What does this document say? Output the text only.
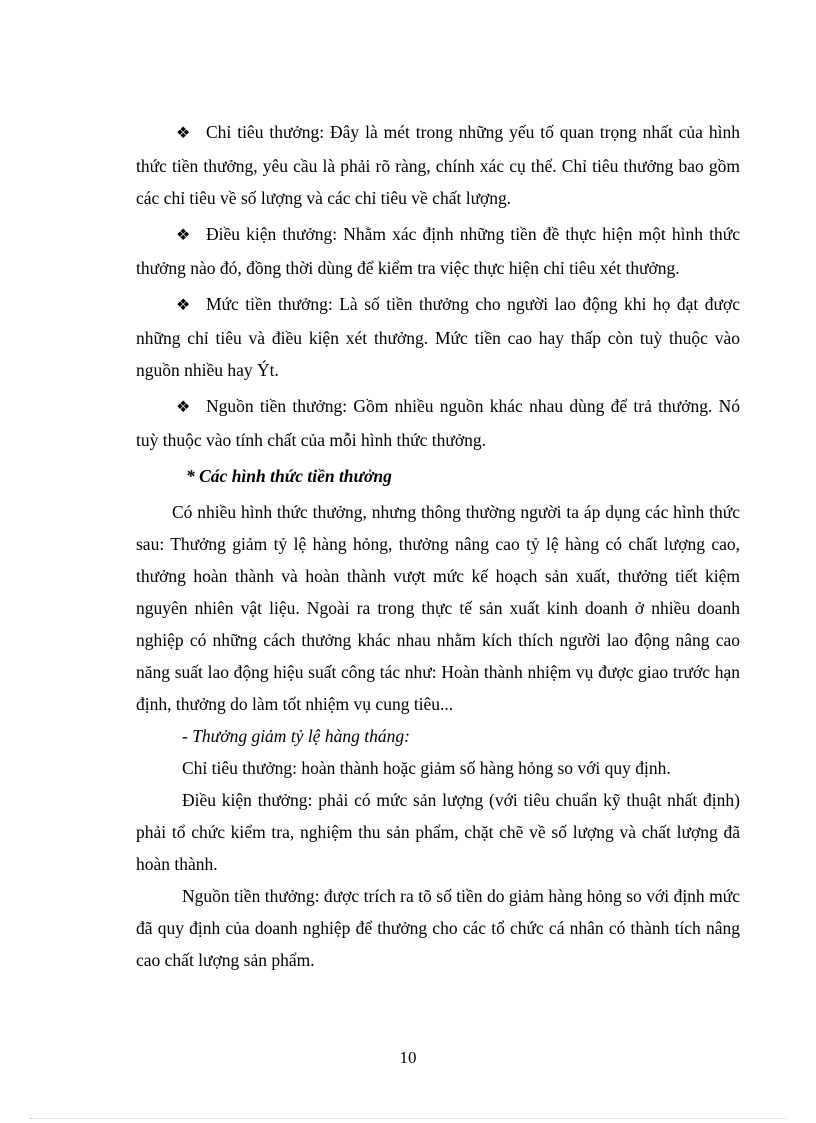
❖ Chỉ tiêu thưởng: Đây là mét trong những yếu tố quan trọng nhất của hình thức tiền thưởng, yêu cầu là phải rõ ràng, chính xác cụ thể. Chỉ tiêu thưởng bao gồm các chỉ tiêu về số lượng và các chỉ tiêu về chất lượng.

❖ Điều kiện thưởng: Nhằm xác định những tiền đề thực hiện một hình thức thưởng nào đó, đồng thời dùng để kiểm tra việc thực hiện chỉ tiêu xét thưởng.

❖ Mức tiền thưởng: Là số tiền thưởng cho người lao động khi họ đạt được những chỉ tiêu và điều kiện xét thưởng. Mức tiền cao hay thấp còn tuỳ thuộc vào nguồn nhiều hay Ýt.

❖ Nguồn tiền thưởng: Gồm nhiều nguồn khác nhau dùng để trả thưởng. Nó tuỳ thuộc vào tính chất của mỗi hình thức thưởng.

* Các hình thức tiền thưởng

Có nhiều hình thức thưởng, nhưng thông thường người ta áp dụng các hình thức sau: Thưởng giảm tỷ lệ hàng hỏng, thưởng nâng cao tỷ lệ hàng có chất lượng cao, thưởng hoàn thành và hoàn thành vượt mức kế hoạch sản xuất, thưởng tiết kiệm nguyên nhiên vật liệu. Ngoài ra trong thực tế sản xuất kinh doanh ở nhiều doanh nghiệp có những cách thưởng khác nhau nhằm kích thích người lao động nâng cao năng suất lao động hiệu suất công tác như: Hoàn thành nhiệm vụ được giao trước hạn định, thưởng do làm tốt nhiệm vụ cung tiêu...

- Thưởng giảm tỷ lệ hàng tháng:

Chỉ tiêu thưởng: hoàn thành hoặc giảm số hàng hỏng so với quy định.

Điều kiện thưởng: phải có mức sản lượng (với tiêu chuẩn kỹ thuật nhất định) phải tổ chức kiểm tra, nghiệm thu sản phẩm, chặt chẽ về số lượng và chất lượng đã hoàn thành.

Nguồn tiền thưởng: được trích ra tõ số tiền do giảm hàng hỏng so với định mức đã quy định của doanh nghiệp để thưởng cho các tổ chức cá nhân có thành tích nâng cao chất lượng sản phẩm.

10
